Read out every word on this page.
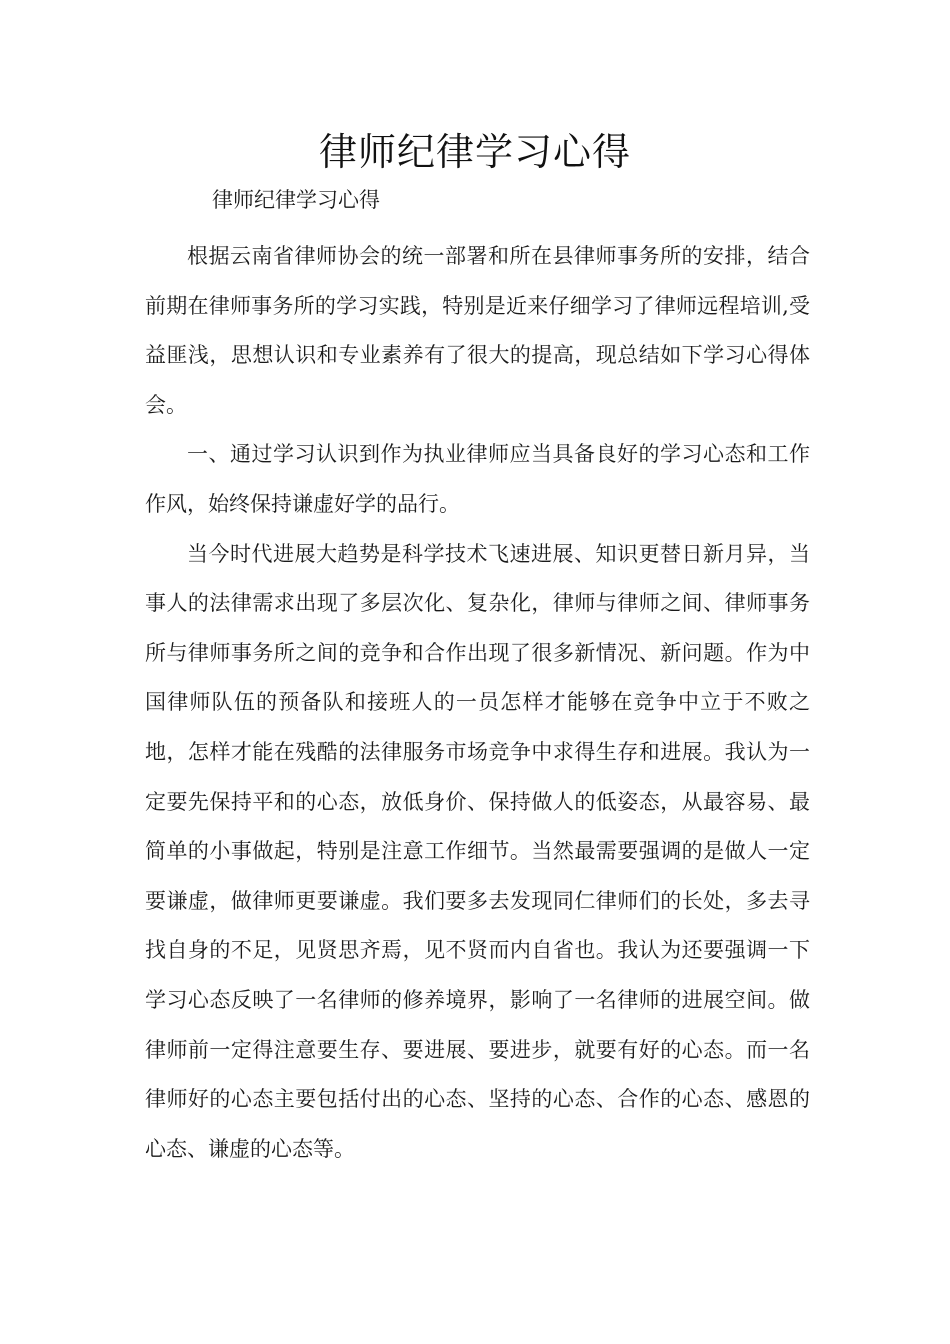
律师纪律学习心得

律师纪律学习心得

根据云南省律师协会的统一部署和所在县律师事务所的安排，结合前期在律师事务所的学习实践，特别是近来仔细学习了律师远程培训,受益匪浅，思想认识和专业素养有了很大的提高，现总结如下学习心得体会。

一、通过学习认识到作为执业律师应当具备良好的学习心态和工作作风，始终保持谦虚好学的品行。

当今时代进展大趋势是科学技术飞速进展、知识更替日新月异，当事人的法律需求出现了多层次化、复杂化，律师与律师之间、律师事务所与律师事务所之间的竞争和合作出现了很多新情况、新问题。作为中国律师队伍的预备队和接班人的一员怎样才能够在竞争中立于不败之地，怎样才能在残酷的法律服务市场竞争中求得生存和进展。我认为一定要先保持平和的心态，放低身价、保持做人的低姿态，从最容易、最简单的小事做起，特别是注意工作细节。当然最需要强调的是做人一定要谦虚，做律师更要谦虚。我们要多去发现同仁律师们的长处，多去寻找自身的不足，见贤思齐焉，见不贤而内自省也。我认为还要强调一下学习心态反映了一名律师的修养境界，影响了一名律师的进展空间。做律师前一定得注意要生存、要进展、要进步，就要有好的心态。而一名律师好的心态主要包括付出的心态、坚持的心态、合作的心态、感恩的心态、谦虚的心态等。
